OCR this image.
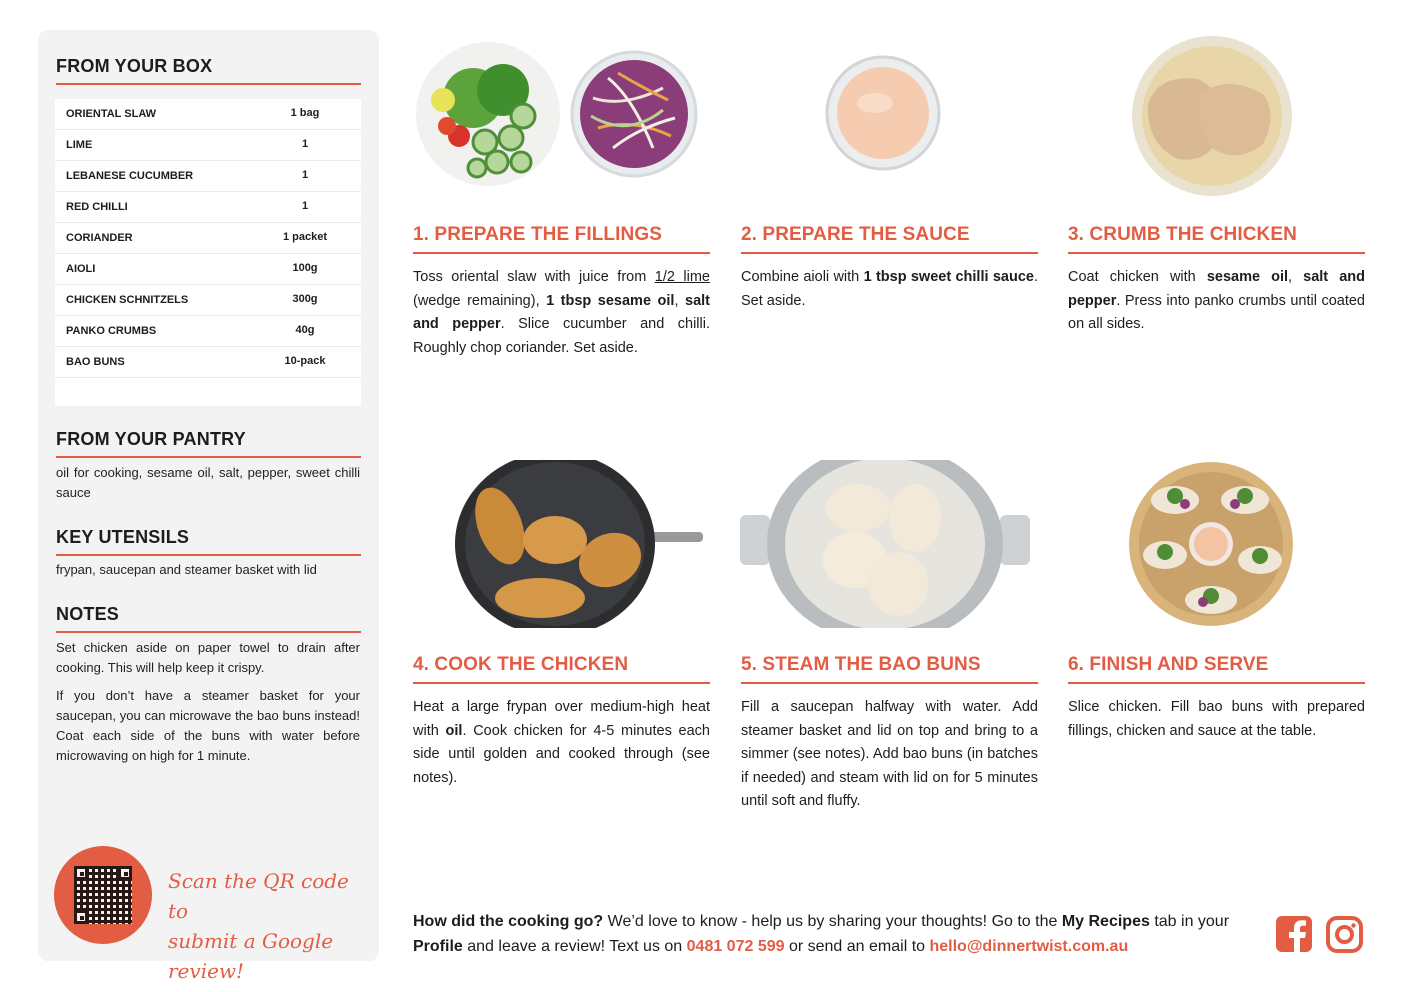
FROM YOUR BOX
ORIENTAL SLAW	1 bag
LIME	1
LEBANESE CUCUMBER	1
RED CHILLI	1
CORIANDER	1 packet
AIOLI	100g
CHICKEN SCHNITZELS	300g
PANKO CRUMBS	40g
BAO BUNS	10-pack
FROM YOUR PANTRY
oil for cooking, sesame oil, salt, pepper, sweet chilli sauce
KEY UTENSILS
frypan, saucepan and steamer basket with lid
NOTES
Set chicken aside on paper towel to drain after cooking. This will help keep it crispy.
If you don’t have a steamer basket for your saucepan, you can microwave the bao buns instead! Coat each side of the buns with water before microwaving on high for 1 minute.
Scan the QR code to
submit a Google review!
1. PREPARE THE FILLINGS	2. PREPARE THE SAUCE	3. CRUMB THE CHICKEN
4. COOK THE CHICKEN	5. STEAM THE BAO BUNS	6. FINISH AND SERVE
Toss oriental slaw with juice from 1/2 lime (wedge remaining), 1 tbsp sesame oil, salt and pepper. Slice cucumber and chilli. Roughly chop coriander. Set aside.
Combine aioli with 1 tbsp sweet chilli sauce. Set aside.
Coat chicken with sesame oil, salt and pepper. Press into panko crumbs until coated on all sides.
Heat a large frypan over medium-high heat with oil. Cook chicken for 4-5 minutes each side until golden and cooked through (see notes).
Fill a saucepan halfway with water. Add steamer basket and lid on top and bring to a simmer (see notes). Add bao buns (in batches if needed) and steam with lid on for 5 minutes until soft and fluffy.
Slice chicken. Fill bao buns with prepared fillings, chicken and sauce at the table.
How did the cooking go? We’d love to know - help us by sharing your thoughts! Go to the My Recipes tab in your Profile and leave a review! Text us on 0481 072 599 or send an email to hello@dinnertwist.com.au
